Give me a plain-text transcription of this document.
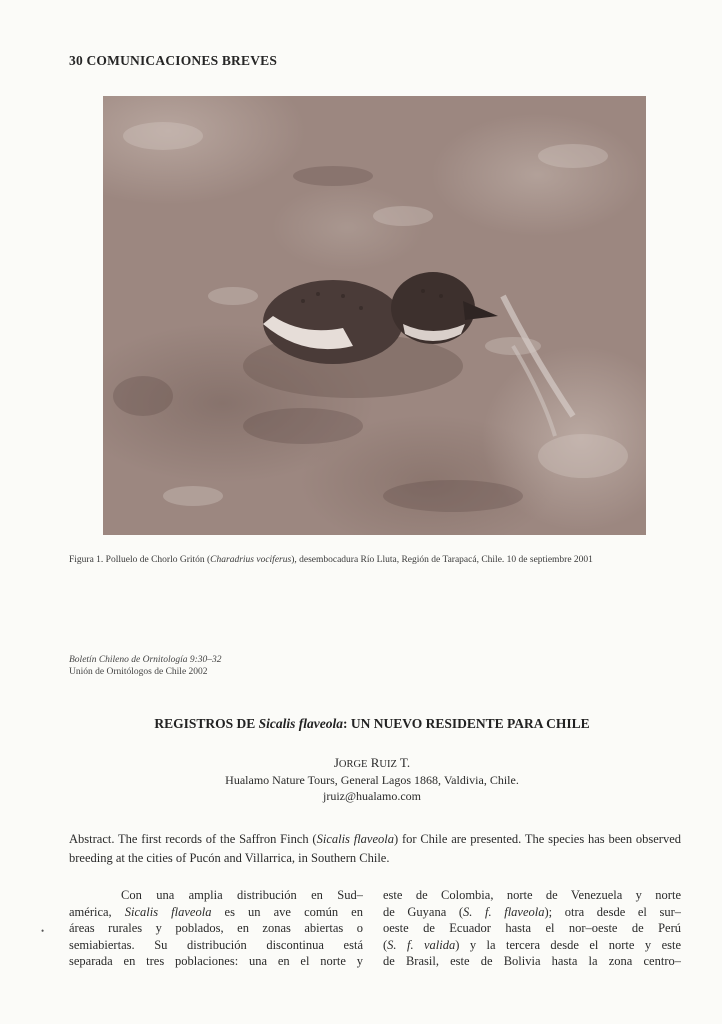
30 COMUNICACIONES BREVES
Figura 1. Polluelo de Chorlo Gritón (Charadrius vociferus), desembocadura Río Lluta, Región de Tarapacá, Chile. 10 de septiembre 2001
Boletín Chileno de Ornitología 9:30–32
Unión de Ornitólogos de Chile 2002
REGISTROS DE Sicalis flaveola: UN NUEVO RESIDENTE PARA CHILE
JORGE RUIZ T.
Hualamo Nature Tours, General Lagos 1868, Valdivia, Chile.
jruiz@hualamo.com
Abstract. The first records of the Saffron Finch (Sicalis flaveola) for Chile are presented. The species has been observed breeding at the cities of Pucón and Villarrica, in Southern Chile.
Con una amplia distribución en Sud–
américa, Sicalis flaveola es un ave común en
áreas rurales y poblados, en zonas abiertas o
semiabiertas. Su distribución discontinua está
separada en tres poblaciones: una en el norte y
este de Colombia, norte de Venezuela y norte
de Guyana (S. f. flaveola); otra desde el sur–
oeste de Ecuador hasta el nor–oeste de Perú
(S. f. valida) y la tercera desde el norte y este
de Brasil, este de Bolivia hasta la zona centro–
•
